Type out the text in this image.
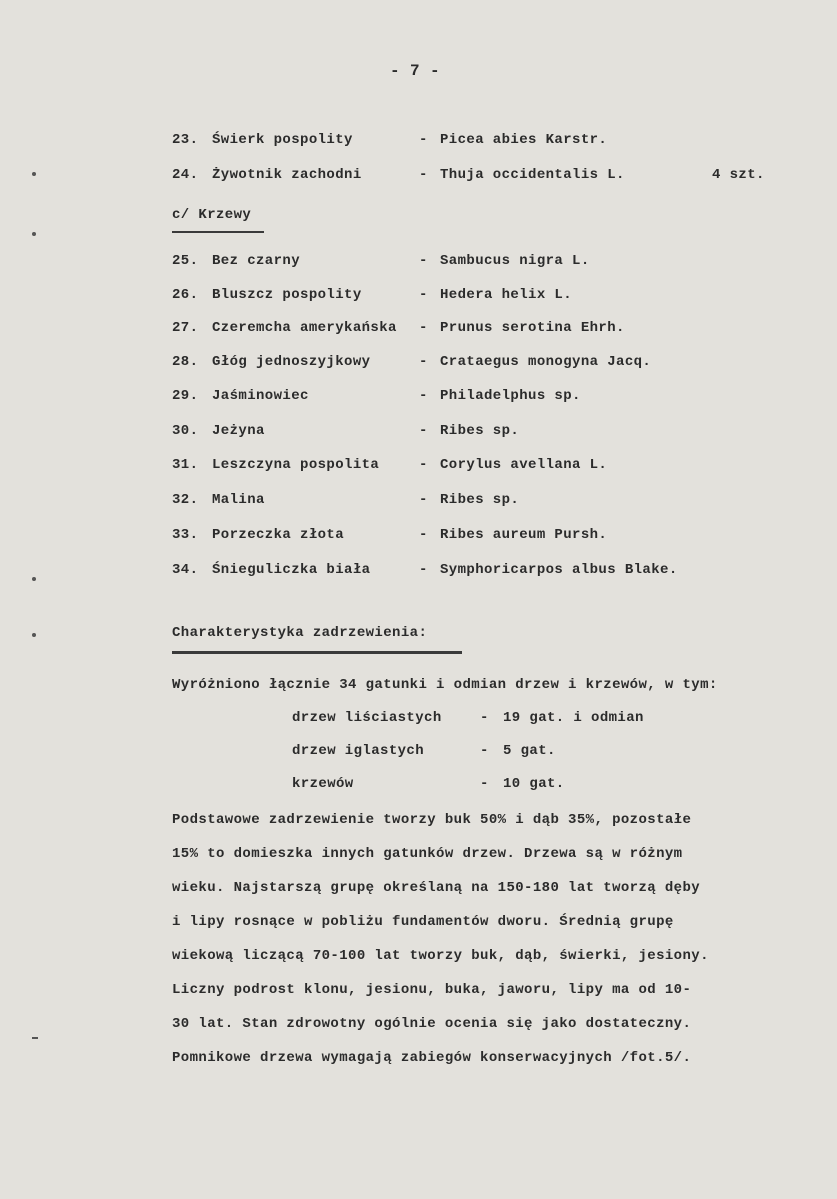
- 7 -
23. Świerk pospolity	- Picea abies Karstr.
24. Żywotnik zachodni	- Thuja occidentalis L.	4 szt.
c/ Krzewy
25. Bez czarny	- Sambucus nigra L.
26. Bluszcz pospolity	- Hedera helix L.
27. Czeremcha amerykańska - Prunus serotina Ehrh.
28. Głóg jednoszyjkowy	- Crataegus monogyna Jacq.
29. Jaśminowiec	- Philadelphus sp.
30. Jeżyna	- Ribes sp.
31. Leszczyna pospolita	- Corylus avellana L.
32. Malina	- Ribes sp.
33. Porzeczka złota	- Ribes aureum Pursh.
34. Śnieguliczka biała	- Symphoricarpos albus Blake.
Charakterystyka zadrzewienia:
Wyróżniono łącznie 34 gatunki i odmian drzew i krzewów, w tym:
drzew liściastych	- 19 gat. i odmian
drzew iglastych	- 5 gat.
krzewów	- 10 gat.
Podstawowe zadrzewienie tworzy buk 50% i dąb 35%, pozostałe
15% to domieszka innych gatunków drzew. Drzewa są w różnym
wieku. Najstarszą grupę określaną na 150-180 lat tworzą dęby
i lipy rosnące w pobliżu fundamentów dworu. Średnią grupę
wiekową liczącą 70-100 lat tworzy buk, dąb, świerki, jesiony.
Liczny podrost klonu, jesionu, buka, jaworu, lipy ma od 10-
30 lat. Stan zdrowotny ogólnie ocenia się jako dostateczny.
Pomnikowe drzewa wymagają zabiegów konserwacyjnych /fot.5/.
